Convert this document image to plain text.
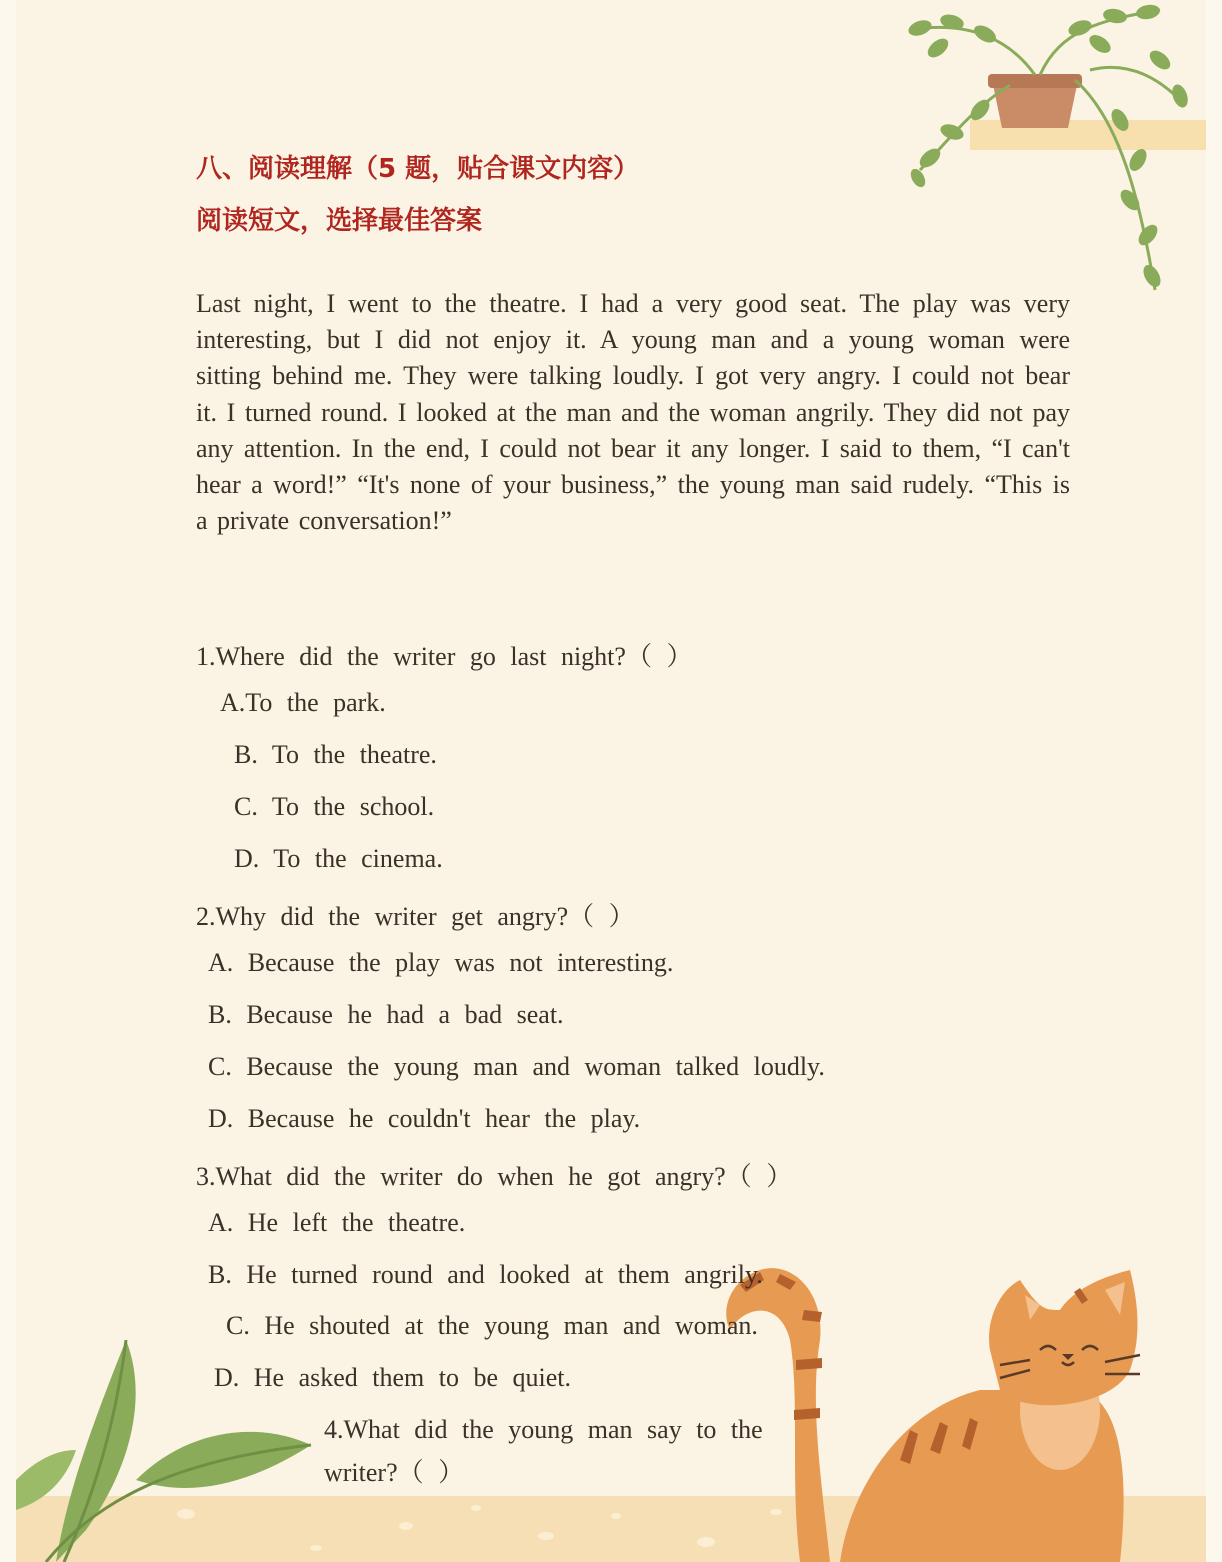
八、阅读理解（5 题，贴合课文内容）
阅读短文，选择最佳答案

Last night, I went to the theatre. I had a very good seat. The play was very interesting, but I did not enjoy it. A young man and a young woman were sitting behind me. They were talking loudly. I got very angry. I could not bear it. I turned round. I looked at the man and the woman angrily. They did not pay any attention. In the end, I could not bear it any longer. I said to them, “I can't hear a word!” “It's none of your business,” the young man said rudely. “This is a private conversation!”

1.Where did the writer go last night?（ ）

A.To the park.

B. To the theatre.

C. To the school.

D. To the cinema.

2.Why did the writer get angry?（ ）

A. Because the play was not interesting.

B. Because he had a bad seat.

C. Because the young man and woman talked loudly.

D. Because he couldn't hear the play.

3.What did the writer do when he got angry?（ ）

A. He left the theatre.

B. He turned round and looked at them angrily.

C. He shouted at the young man and woman.

D. He asked them to be quiet.

4.What did the young man say to the

writer?（ ）
